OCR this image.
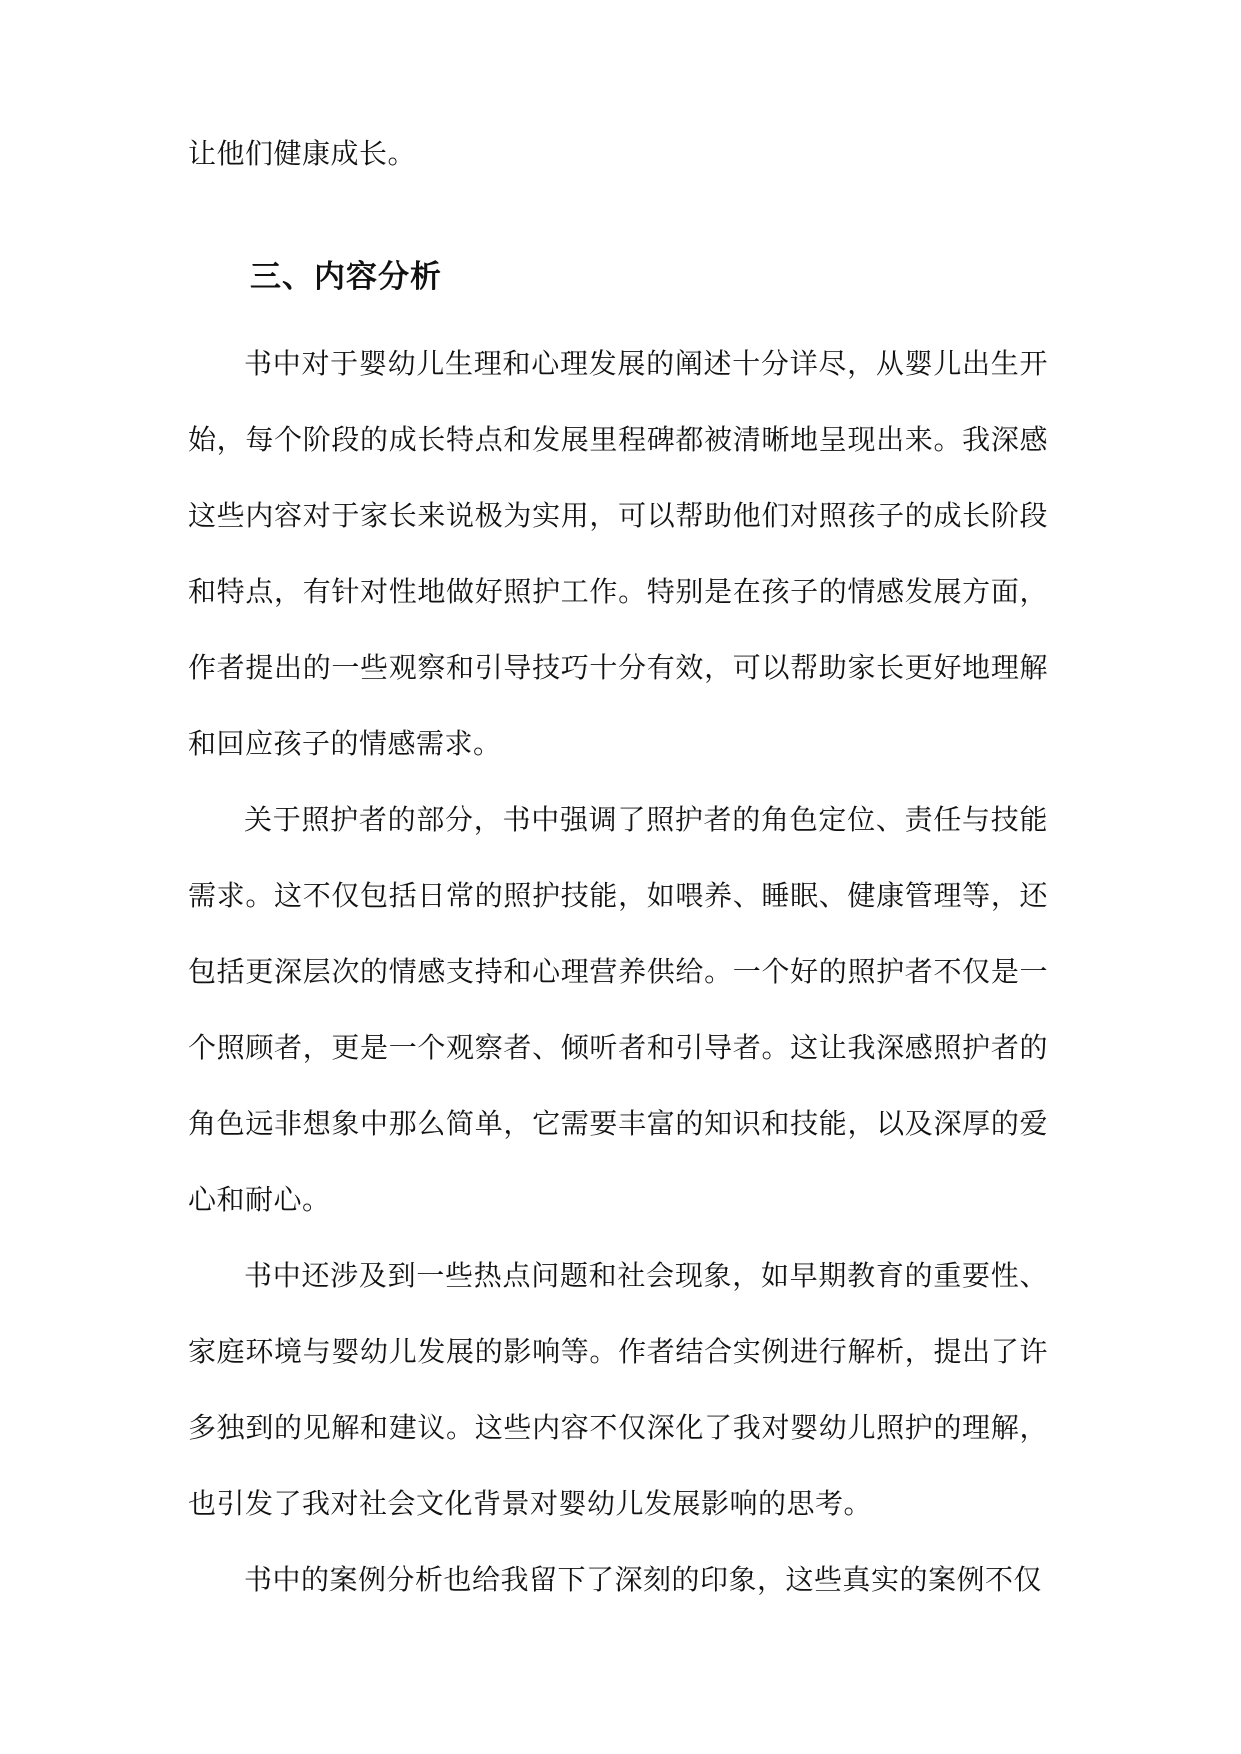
让他们健康成长。

三、内容分析

书中对于婴幼儿生理和心理发展的阐述十分详尽，从婴儿出生开始，每个阶段的成长特点和发展里程碑都被清晰地呈现出来。我深感这些内容对于家长来说极为实用，可以帮助他们对照孩子的成长阶段和特点，有针对性地做好照护工作。特别是在孩子的情感发展方面，作者提出的一些观察和引导技巧十分有效，可以帮助家长更好地理解和回应孩子的情感需求。

关于照护者的部分，书中强调了照护者的角色定位、责任与技能需求。这不仅包括日常的照护技能，如喂养、睡眠、健康管理等，还包括更深层次的情感支持和心理营养供给。一个好的照护者不仅是一个照顾者，更是一个观察者、倾听者和引导者。这让我深感照护者的角色远非想象中那么简单，它需要丰富的知识和技能，以及深厚的爱心和耐心。

书中还涉及到一些热点问题和社会现象，如早期教育的重要性、家庭环境与婴幼儿发展的影响等。作者结合实例进行解析，提出了许多独到的见解和建议。这些内容不仅深化了我对婴幼儿照护的理解，也引发了我对社会文化背景对婴幼儿发展影响的思考。

书中的案例分析也给我留下了深刻的印象，这些真实的案例不仅
